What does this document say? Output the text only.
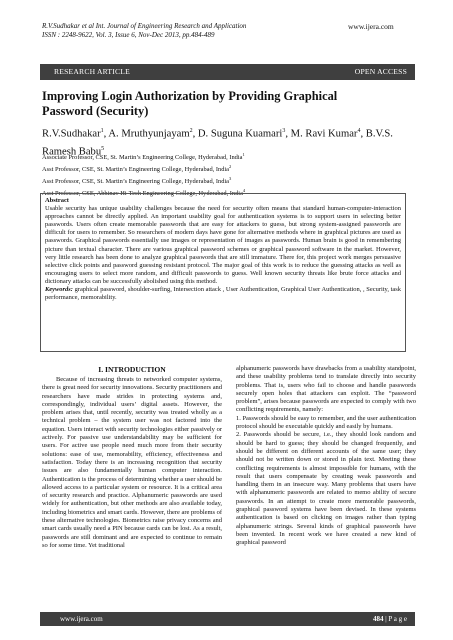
R.V.Sudhakar et al Int. Journal of Engineering Research and Application
ISSN : 2248-9622, Vol. 3, Issue 6, Nov-Dec 2013, pp.484-489
www.ijera.com
RESEARCH ARTICLE	OPEN ACCESS
Improving Login Authorization by Providing Graphical Password (Security)
R.V.Sudhakar$^1$, A. Mruthyunjayam$^2$, D. Suguna Kuamari$^3$, M. Ravi Kumar$^4$, B.V.S. Ramesh Babu$^5$
Associate Professor, CSE, St. Martin’s Engineering College, Hyderabad, India$^1$
Asst Professor, CSE, St. Martin’s Engineering College, Hyderabad, India$^2$
Asst Professor, CSE, St. Martin’s Engineering College, Hyderabad, India$^3$
Asst Professor, CSE, Abhinav Hi-Tech Engineering College, Hyderabad, India$^4$
Abstract
Usable security has unique usability challenges because the need for security often means that standard human-computer-interaction approaches cannot be directly applied. An important usability goal for authentication systems is to support users in selecting better passwords. Users often create memorable passwords that are easy for attackers to guess, but strong system-assigned passwords are difficult for users to remember. So researchers of modern days have gone for alternative methods where in graphical pictures are used as passwords. Graphical passwords essentially use images or representation of images as passwords. Human brain is good in remembering picture than textual character. There are various graphical password schemes or graphical password software in the market. However, very little research has been done to analyze graphical passwords that are still immature. There for, this project work merges persuasive selective click points and password guessing resistant protocol. The major goal of this work is to reduce the guessing attacks as well as encouraging users to select more random, and difficult passwords to guess. Well known security threats like brute force attacks and dictionary attacks can be successfully abolished using this method.
Keywords: graphical password, shoulder-surfing, Intersection attack , User Authentication, Graphical User Authentication, , Security, task performance, memorability.
I. INTRODUCTION

Because of increasing threats to networked computer systems, there is great need for security innovations. Security practitioners and researchers have made strides in protecting systems and, correspondingly, individual users’ digital assets. However, the problem arises that, until recently, security was treated wholly as a technical problem – the system user was not factored into the equation. Users interact with security technologies either passively or actively. For passive use understandability may be sufficient for users. For active use people need much more from their security solutions: ease of use, memorability, efficiency, effectiveness and satisfaction. Today there is an increasing recognition that security issues are also fundamentally human computer interaction. Authentication is the process of determining whether a user should be allowed access to a particular system or resource. It is a critical area of security research and practice. Alphanumeric passwords are used widely for authentication, but other methods are also available today, including biometrics and smart cards. However, there are problems of these alternative technologies. Biometrics raise privacy concerns and smart cards usually need a PIN because cards can be lost. As a result, passwords are still dominant and are expected to continue to remain so for some time. Yet traditional

alphanumeric passwords have drawbacks from a usability standpoint, and these usability problems tend to translate directly into security problems. That is, users who fail to choose and handle passwords securely open holes that attackers can exploit. The “password problem”, arises because passwords are expected to comply with two conflicting requirements, namely:

1. Passwords should be easy to remember, and the user authentication protocol should be executable quickly and easily by humans.

2. Passwords should be secure, i.e., they should look random and should be hard to guess; they should be changed frequently, and should be different on different accounts of the same user; they should not be written down or stored in plain text. Meeting these conflicting requirements is almost impossible for humans, with the result that users compensate by creating weak passwords and handling them in an insecure way. Many problems that users have with alphanumeric passwords are related to memo ability of secure passwords. In an attempt to create more memorable passwords, graphical password systems have been devised. In these systems authentication is based on clicking on images rather than typing alphanumeric strings. Several kinds of graphical passwords have been invented. In recent work we have created a new kind of graphical password

www.ijera.com	484 | P a g e
